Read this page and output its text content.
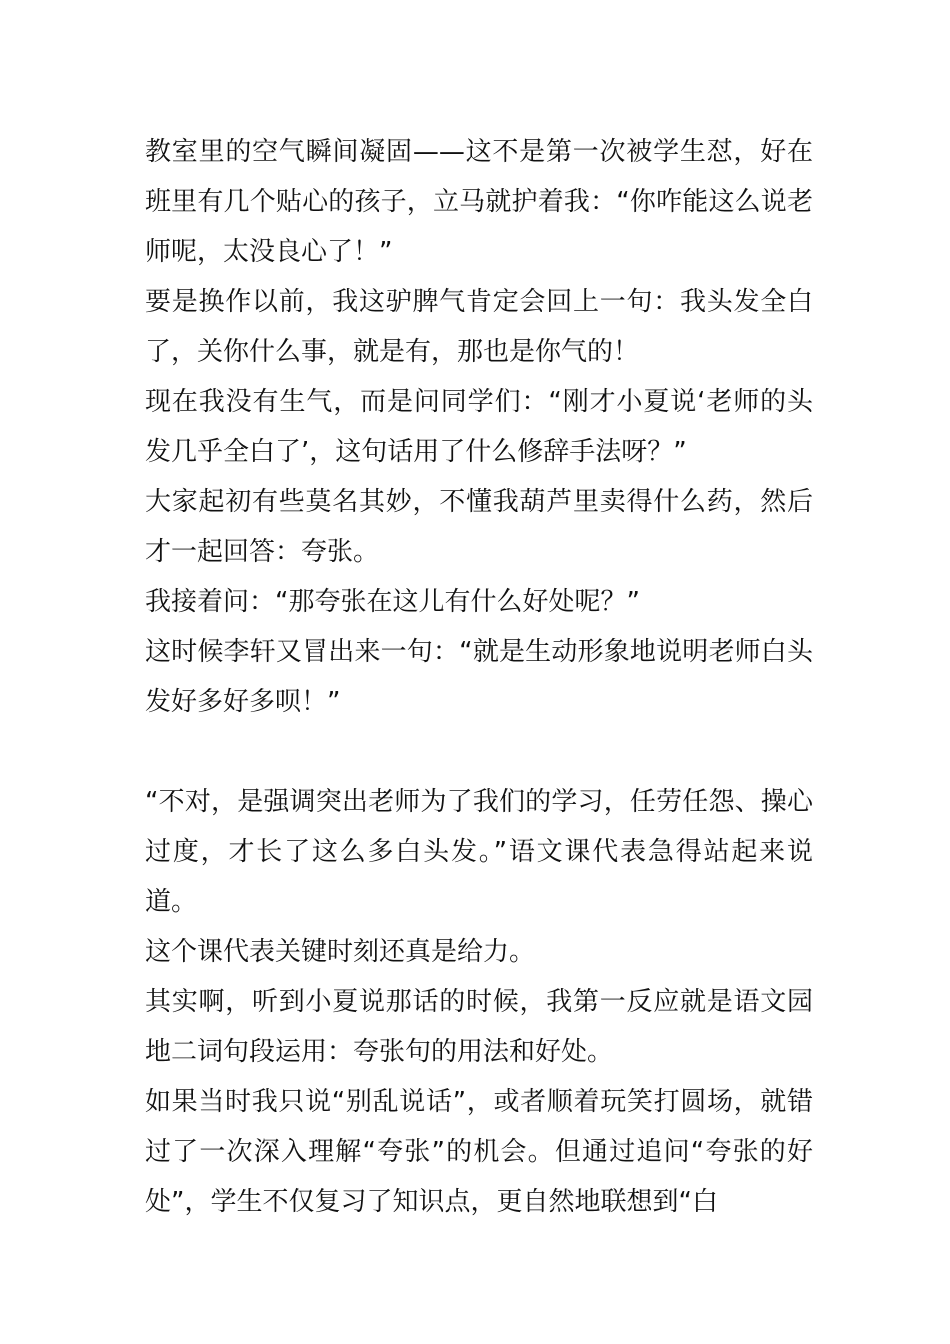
教室里的空气瞬间凝固——这不是第一次被学生怼，好在班里有几个贴心的孩子，立马就护着我：“你咋能这么说老师呢，太没良心了！”

要是换作以前，我这驴脾气肯定会回上一句：我头发全白了，关你什么事，就是有，那也是你气的！

现在我没有生气，而是问同学们：“刚才小夏说‘老师的头发几乎全白了’，这句话用了什么修辞手法呀？”

大家起初有些莫名其妙，不懂我葫芦里卖得什么药，然后才一起回答：夸张。

我接着问：“那夸张在这儿有什么好处呢？”

这时候李轩又冒出来一句：“就是生动形象地说明老师白头发好多好多呗！”

“不对，是强调突出老师为了我们的学习，任劳任怨、操心过度，才长了这么多白头发。”语文课代表急得站起来说道。

这个课代表关键时刻还真是给力。

其实啊，听到小夏说那话的时候，我第一反应就是语文园地二词句段运用：夸张句的用法和好处。

如果当时我只说“别乱说话”，或者顺着玩笑打圆场，就错过了一次深入理解“夸张”的机会。但通过追问“夸张的好处”，学生不仅复习了知识点，更自然地联想到“白
